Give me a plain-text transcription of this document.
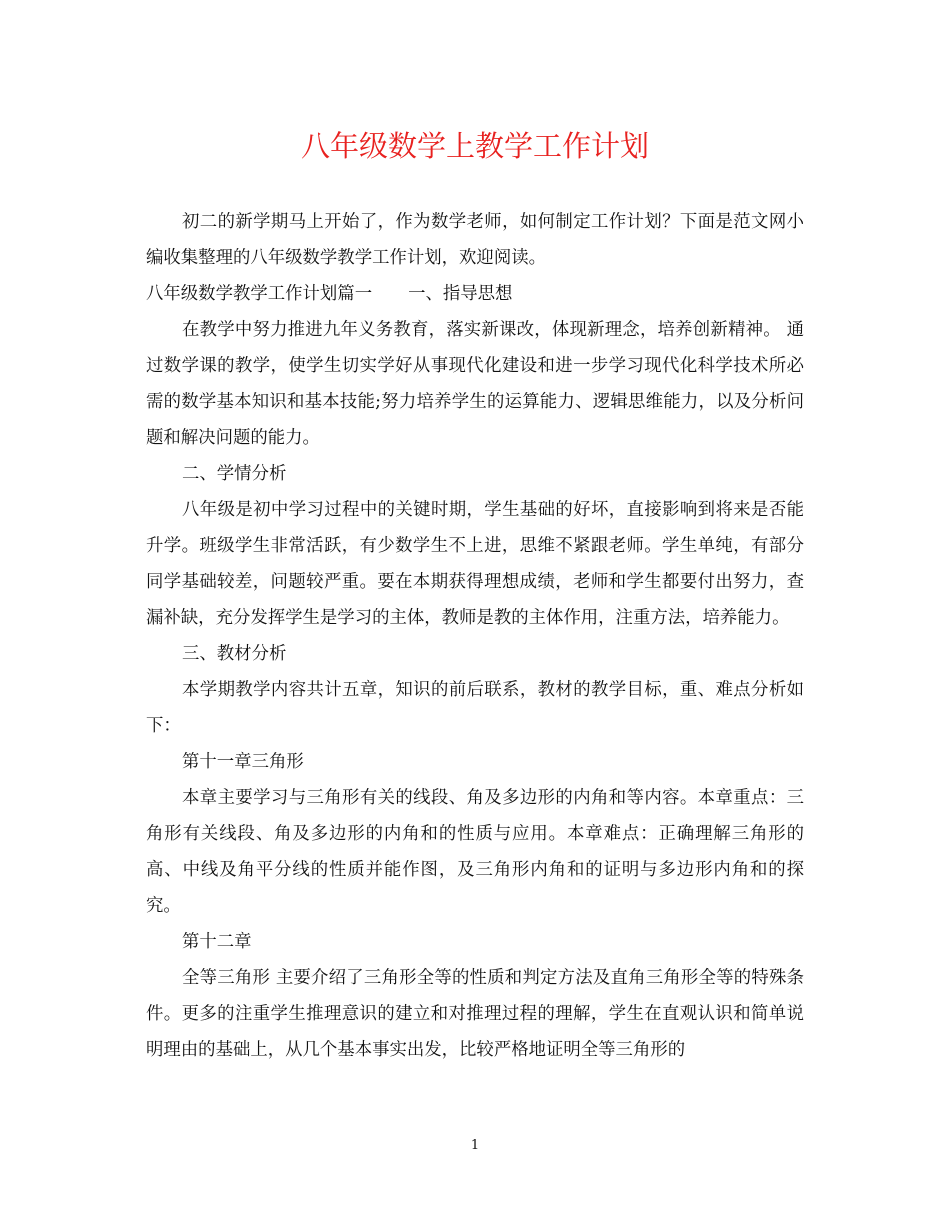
八年级数学上教学工作计划

初二的新学期马上开始了，作为数学老师，如何制定工作计划？下面是范文网小编收集整理的八年级数学教学工作计划，欢迎阅读。

八年级数学教学工作计划篇一 一、指导思想

在教学中努力推进九年义务教育，落实新课改，体现新理念，培养创新精神。 通过数学课的教学，使学生切实学好从事现代化建设和进一步学习现代化科学技术所必需的数学基本知识和基本技能;努力培养学生的运算能力、逻辑思维能力，以及分析问题和解决问题的能力。

二、学情分析

八年级是初中学习过程中的关键时期，学生基础的好坏，直接影响到将来是否能升学。班级学生非常活跃，有少数学生不上进，思维不紧跟老师。学生单纯，有部分同学基础较差，问题较严重。要在本期获得理想成绩，老师和学生都要付出努力，查漏补缺，充分发挥学生是学习的主体，教师是教的主体作用，注重方法，培养能力。

三、教材分析

本学期教学内容共计五章，知识的前后联系，教材的教学目标，重、难点分析如下：

第十一章三角形

本章主要学习与三角形有关的线段、角及多边形的内角和等内容。本章重点：三角形有关线段、角及多边形的内角和的性质与应用。本章难点：正确理解三角形的高、中线及角平分线的性质并能作图，及三角形内角和的证明与多边形内角和的探究。

第十二章

全等三角形 主要介绍了三角形全等的性质和判定方法及直角三角形全等的特殊条件。更多的注重学生推理意识的建立和对推理过程的理解，学生在直观认识和简单说明理由的基础上，从几个基本事实出发，比较严格地证明全等三角形的

1
